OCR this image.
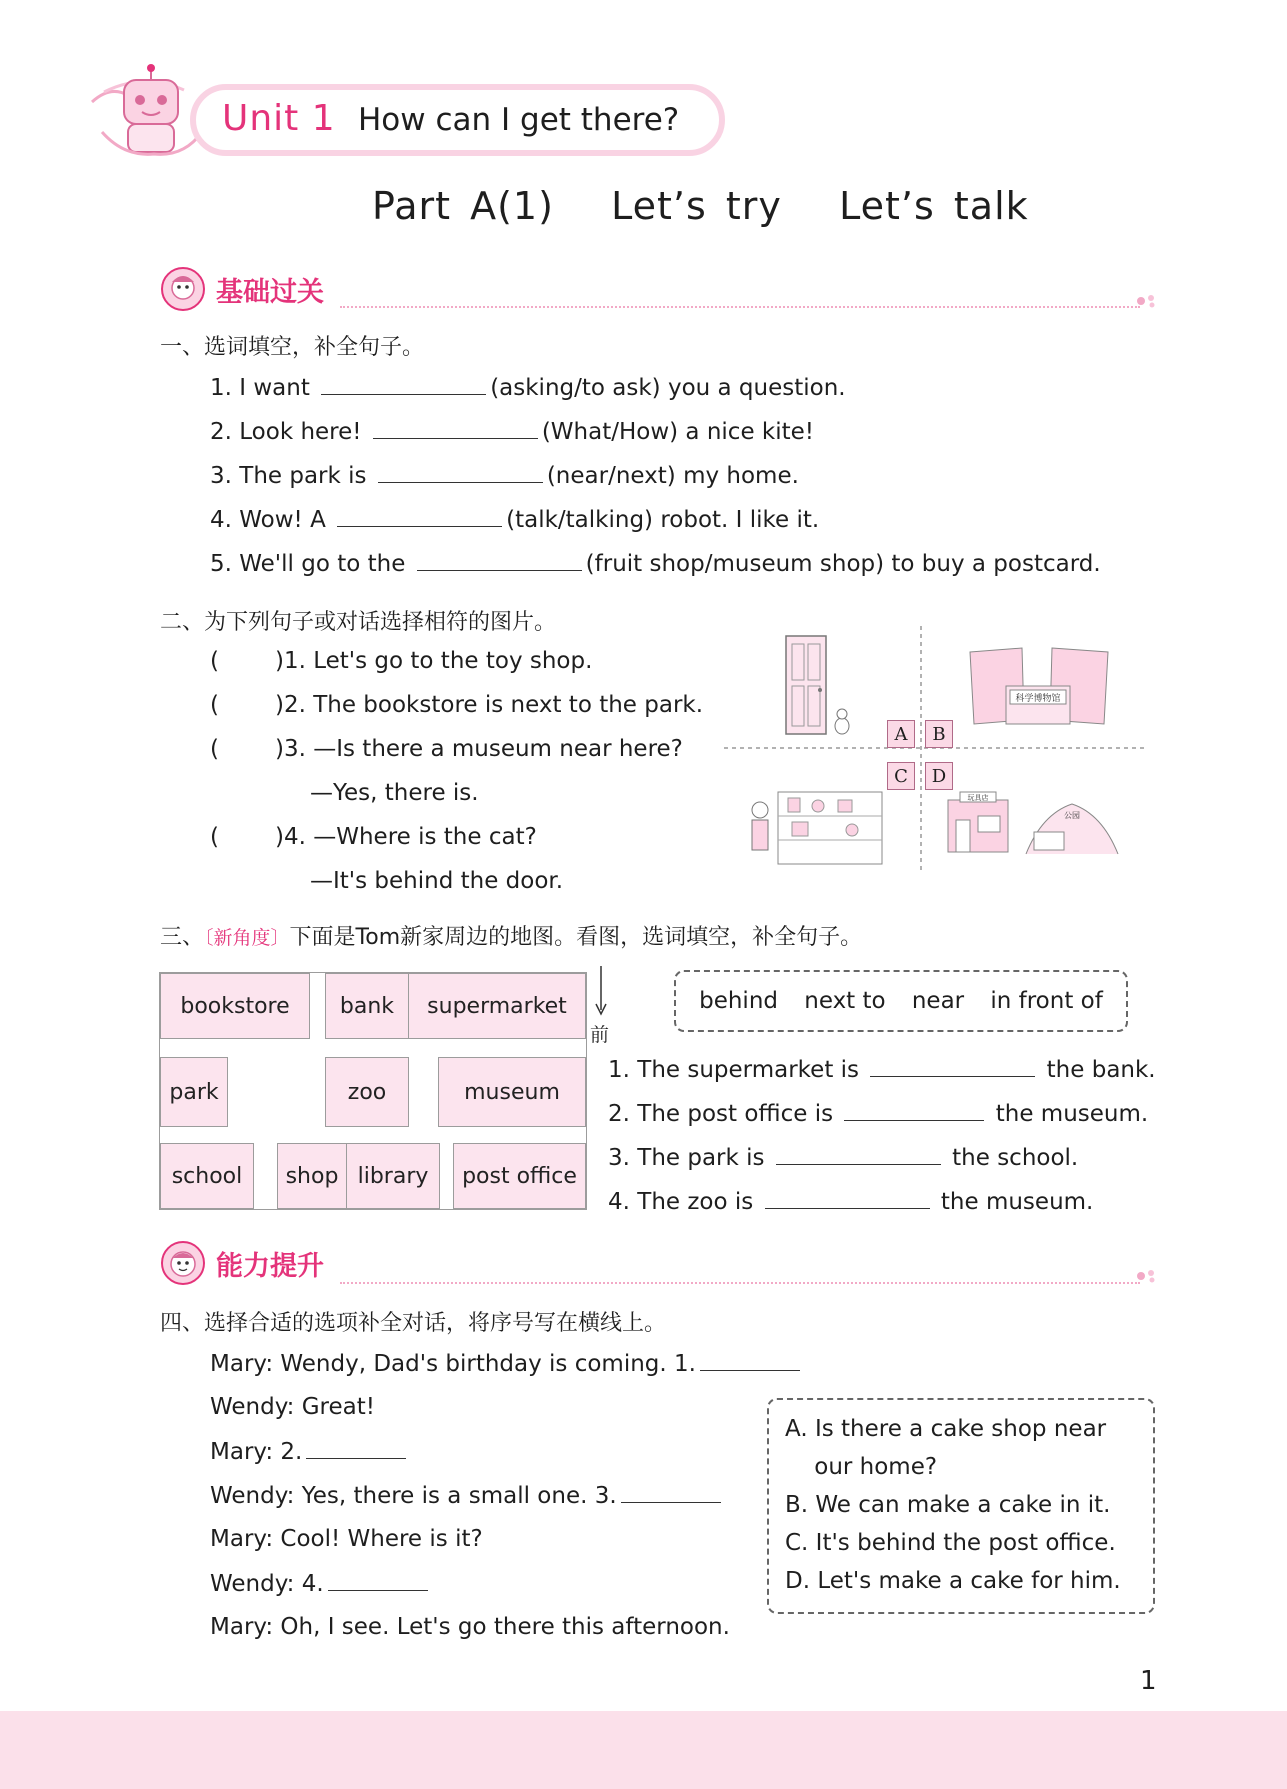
Unit 1 How can I get there?
Part A(1)   Let’s try   Let’s talk
基础过关
一、选词填空，补全句子。
1. I want	(asking/to ask) you a question.
2. Look here!	(What/How) a nice kite!
3. The park is	(near/next) my home.
4. Wow! A	(talk/talking) robot. I like it.
5. We'll go to the	(fruit shop/museum shop) to buy a postcard.
二、为下列句子或对话选择相符的图片。
( )1. Let's go to the toy shop.
( )2. The bookstore is next to the park.
( )3. —Is there a museum near here?
—Yes, there is.
( )4. —Where is the cat?
—It's behind the door.
科学博物馆
玩具店
公园
A	B
C	D
三、〔新角度〕下面是Tom新家周边的地图。看图，选词填空，补全句子。
bookstore	bank	supermarket
park	zoo	museum
school	shop library	post office
前
behind next to near in front of
1. The supermarket is	the bank.
2. The post office is	the museum.
3. The park is	the school.
4. The zoo is	the museum.
能力提升
四、选择合适的选项补全对话，将序号写在横线上。
Mary: Wendy, Dad's birthday is coming. 1.
Wendy: Great!
Mary: 2.
Wendy: Yes, there is a small one. 3.
Mary: Cool! Where is it?
Wendy: 4.
Mary: Oh, I see. Let's go there this afternoon.
A. Is there a cake shop near
our home?
B. We can make a cake in it.
C. It's behind the post office.
D. Let's make a cake for him.
1
